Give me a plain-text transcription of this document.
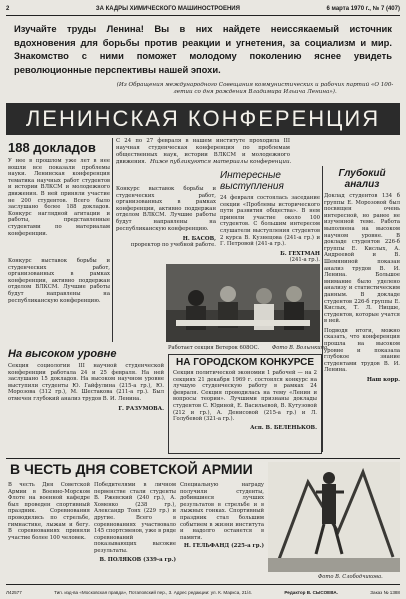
2	ЗА КАДРЫ ХИМИЧЕСКОГО МАШИНОСТРОЕНИЯ	6 марта 1970 г., № 7 (407)
Изучайте труды Ленина! Вы в них найдете неиссякаемый источник вдохновения для борьбы против реакции и угнетения, за социализм и мир. Знакомство с ними поможет молодому поколению яснее увидеть революционные перспективы нашей эпохи.
(Из Обращения международного Совещания коммунистических и рабочих партий «О 100-летии со дня рождения Владимира Ильича Ленина»).
ЛЕНИНСКАЯ КОНФЕРЕНЦИЯ
С 24 по 27 февраля в нашем институте проходила III научная студенческая конференция по проблемам общественных наук, истории ВЛКСМ и молодежного движения. Ниже публикуются материалы конференции.
188 докладов
У нее в прошлом уже лет в нее вошли все показали проблемы науки. Ленинская конференция тематика научных работ студентов и истории ВЛКСМ и молодежного движения. В ней приняли участие не 200 студентов. Всего было заслушано более 188 докладов. Конкурс наглядной агитации и работы, представленные студентами по материалам конференции.
Конкурс выставок борьбы и студенческих работ, организованных в рамках конференции, активно поддержан отделом ВЛКСМ. Лучшие работы будут направлены на республиканскую конференцию.
Конкурс выставок борьбы и студенческих работ, организованных в рамках конференции, активно поддержан отделом ВЛКСМ. Лучшие работы будут направлены на республиканскую конференцию.
Н. БАСОВ,
проректор по учебной работе.
Интересные выступления
24 февраля состоялась заседание секции «Проблемы исторического пути развития общества». В нем приняли участие около 100 студентов. С большим интересом слушатели выступления студентов 2 курса В. Кузнецова (241-а гр.) и Г. Петровой (241-а гр.).
Б. ГЕХТМАН
(241-а гр.).
Глубокий анализ
Доклад студентов 134 б группы Е. Морозовой был посвящен очень интересной, но ранее не изученной теме. Работа выполнена на высоком научном уровне. В докладе студентов 226-б группы Е. Кислых, А. Андреевой и В. Шемяниной показан анализ трудов В. И. Ленина. Большое внимание было уделено анализу и статистическим данным. В докладе студентов 226-б группы Е. Кислых, Т. Л. Ницше, студентов, которые учатся в ней.
Подводя итоги, можно сказать, что конференция прошла на высоком уровне и показала глубокое знание студентами трудов В. И. Ленина.
Наш корр.
Работает секция Ветерок 608ОС. Фото В. Волынкина.
На высоком уровне
Секция социологии III научной студенческой конференции работала 24 и 25 февраля. На ней заслушано 15 докладов. На высоком научном уровне выступили студенты Ю. Гайфулина (215-а гр.), Ю. Морозова (312 гр.), М. Шестакова (211-а гр.). Был отмечен глубокий анализ трудов В. И. Ленина.
Г. РАЗУМОВА.
НА ГОРОДСКОМ КОНКУРСЕ
Секция политической экономии 1 рабочей — на 2 секциях 21 декабря 1969 г. состоялся конкурс на лучшую студенческую работу в рамках 24 февраля. Секция проводилась на тему «Ленин и вопросы теории». Лучшими признаны доклады студентов С. Юдиной, Е. Васильевой, В. Кутузовой (212 и гр.), А. Денисовой (215-а гр.) и Л. Голубевой (321-а гр.).
Асп. В. БЕЛЕНЬКОВ.
В ЧЕСТЬ ДНЯ СОВЕТСКОЙ АРМИИ
В честь Дня Советской Армии в Военно-Морском Флоте на военной кафедре был проведен спортивный праздник. Соревнования проводились по стрельбе, гимнастике, лыжам и бегу. В соревнованиях приняли участие более 100 человек.
Победителями в личном первенстве стали студенты В. Ржевский (240 гр.), А. Хоменко (238 гр.), Александр Тонх (229 гр.) и другие. Всего в соревнованиях участвовало 145 спортсменов, уже в ряде соревнований показывающих высокие результаты.
В. ПОЛЯКОВ (339-а гр.)
Специальную награду получили студенты, добившиеся лучших результатов в стрельбе и в лыжных гонках. Спортивный праздник стал большим событием в жизни института и надолго останется в памяти.
Н. ГЕЛЬФАНД (225-а гр.)
Фото В. Слободчикова.
Л42577	Тип. изд-ва «Московская правда», Потаповский пер., 3. Адрес редакции: ул. К. Маркса, 21/4.	Редактор В. СЫСОЕВА.	Заказ № 1388
